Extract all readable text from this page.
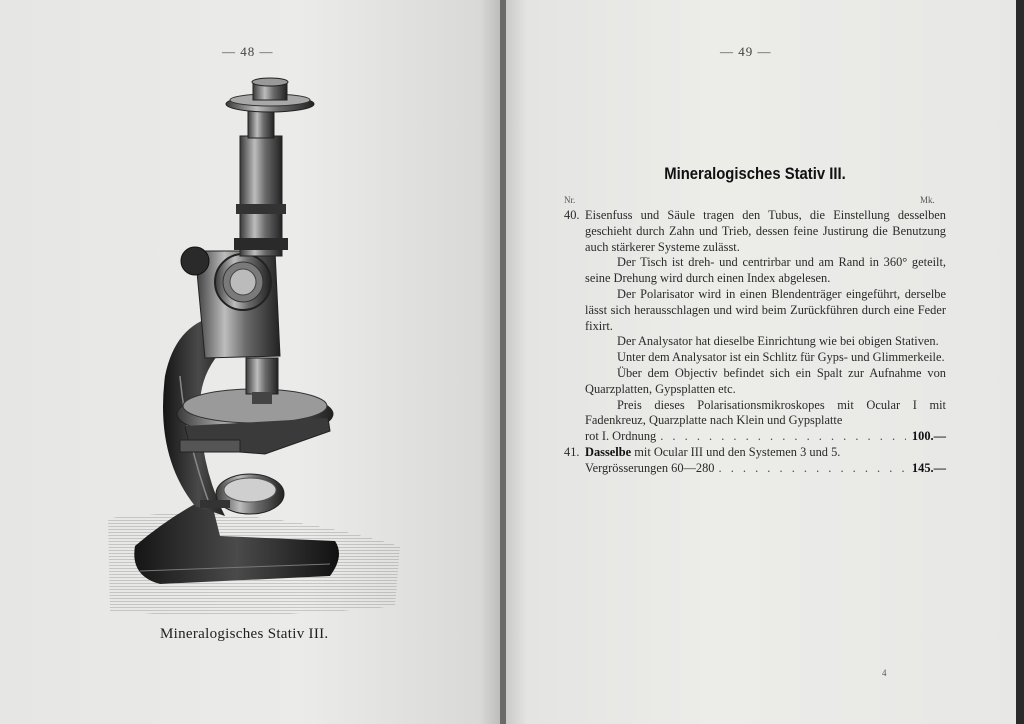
— 48 —	— 49 —
Mineralogisches Stativ III.
Mineralogisches Stativ III.
Nr.	Mk.
40. Eisenfuss und Säule tragen den Tubus, die Einstellung desselben geschieht durch Zahn und Trieb, dessen feine Justirung die Benutzung auch stärkerer Systeme zulässt.
Der Tisch ist dreh- und centrirbar und am Rand in 360° geteilt, seine Drehung wird durch einen Index abgelesen.
Der Polarisator wird in einen Blendenträger eingeführt, derselbe lässt sich herausschlagen und wird beim Zurückführen durch eine Feder fixirt.
Der Analysator hat dieselbe Einrichtung wie bei obigen Stativen.
Unter dem Analysator ist ein Schlitz für Gyps- und Glimmerkeile.
Über dem Objectiv befindet sich ein Spalt zur Aufnahme von Quarzplatten, Gypsplatten etc.
Preis dieses Polarisationsmikroskopes mit Ocular I mit Fadenkreuz, Quarzplatte nach Klein und Gypsplatte
rot I. Ordnung . . .	100.—
41. Dasselbe mit Ocular III und den Systemen 3 und 5.
Vergrösserungen 60—280 . . .	145.—
4
